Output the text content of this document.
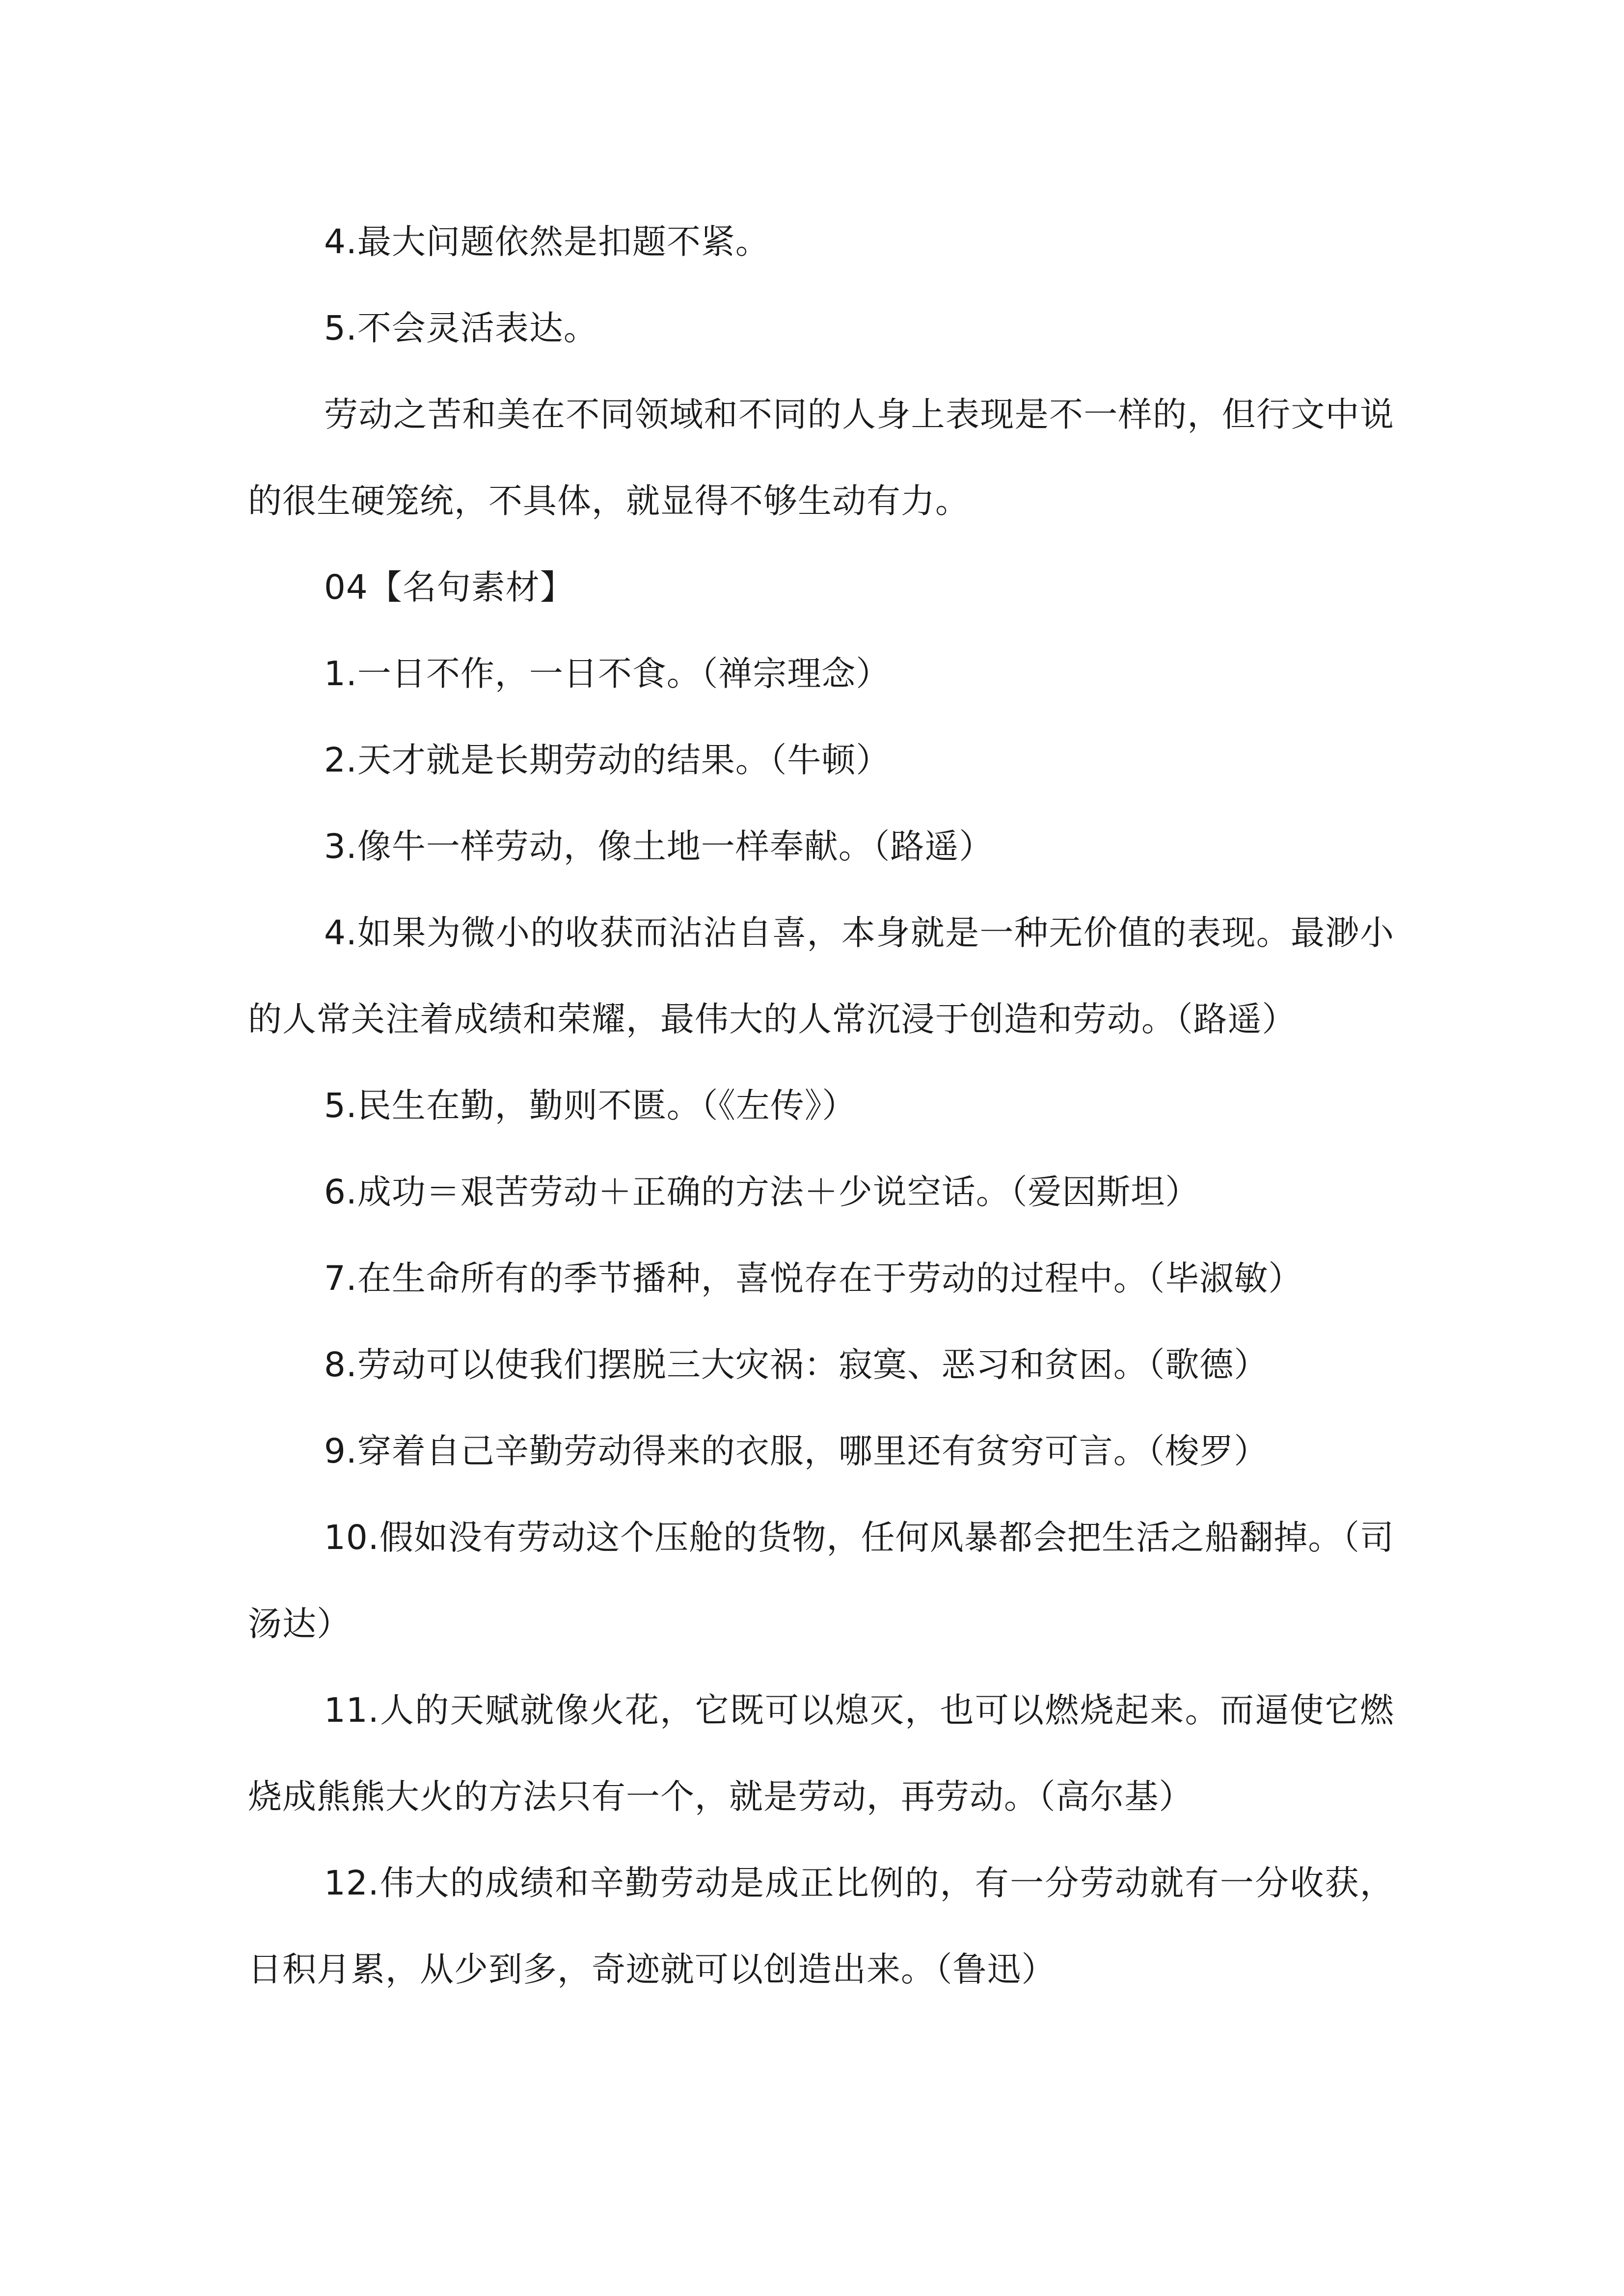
4.最大问题依然是扣题不紧。

5.不会灵活表达。

劳动之苦和美在不同领域和不同的人身上表现是不一样的，但行文中说的很生硬笼统，不具体，就显得不够生动有力。

04【名句素材】

1.一日不作，一日不食。（禅宗理念）

2.天才就是长期劳动的结果。（牛顿）

3.像牛一样劳动，像土地一样奉献。（路遥）

4.如果为微小的收获而沾沾自喜，本身就是一种无价值的表现。最渺小的人常关注着成绩和荣耀，最伟大的人常沉浸于创造和劳动。（路遥）

5.民生在勤，勤则不匮。（《左传》）

6.成功＝艰苦劳动＋正确的方法＋少说空话。（爱因斯坦）

7.在生命所有的季节播种，喜悦存在于劳动的过程中。（毕淑敏）

8.劳动可以使我们摆脱三大灾祸：寂寞、恶习和贫困。（歌德）

9.穿着自己辛勤劳动得来的衣服，哪里还有贫穷可言。（梭罗）

10.假如没有劳动这个压舱的货物，任何风暴都会把生活之船翻掉。（司汤达）

11.人的天赋就像火花，它既可以熄灭，也可以燃烧起来。而逼使它燃烧成熊熊大火的方法只有一个，就是劳动，再劳动。（高尔基）

12.伟大的成绩和辛勤劳动是成正比例的，有一分劳动就有一分收获，日积月累，从少到多，奇迹就可以创造出来。（鲁迅）
